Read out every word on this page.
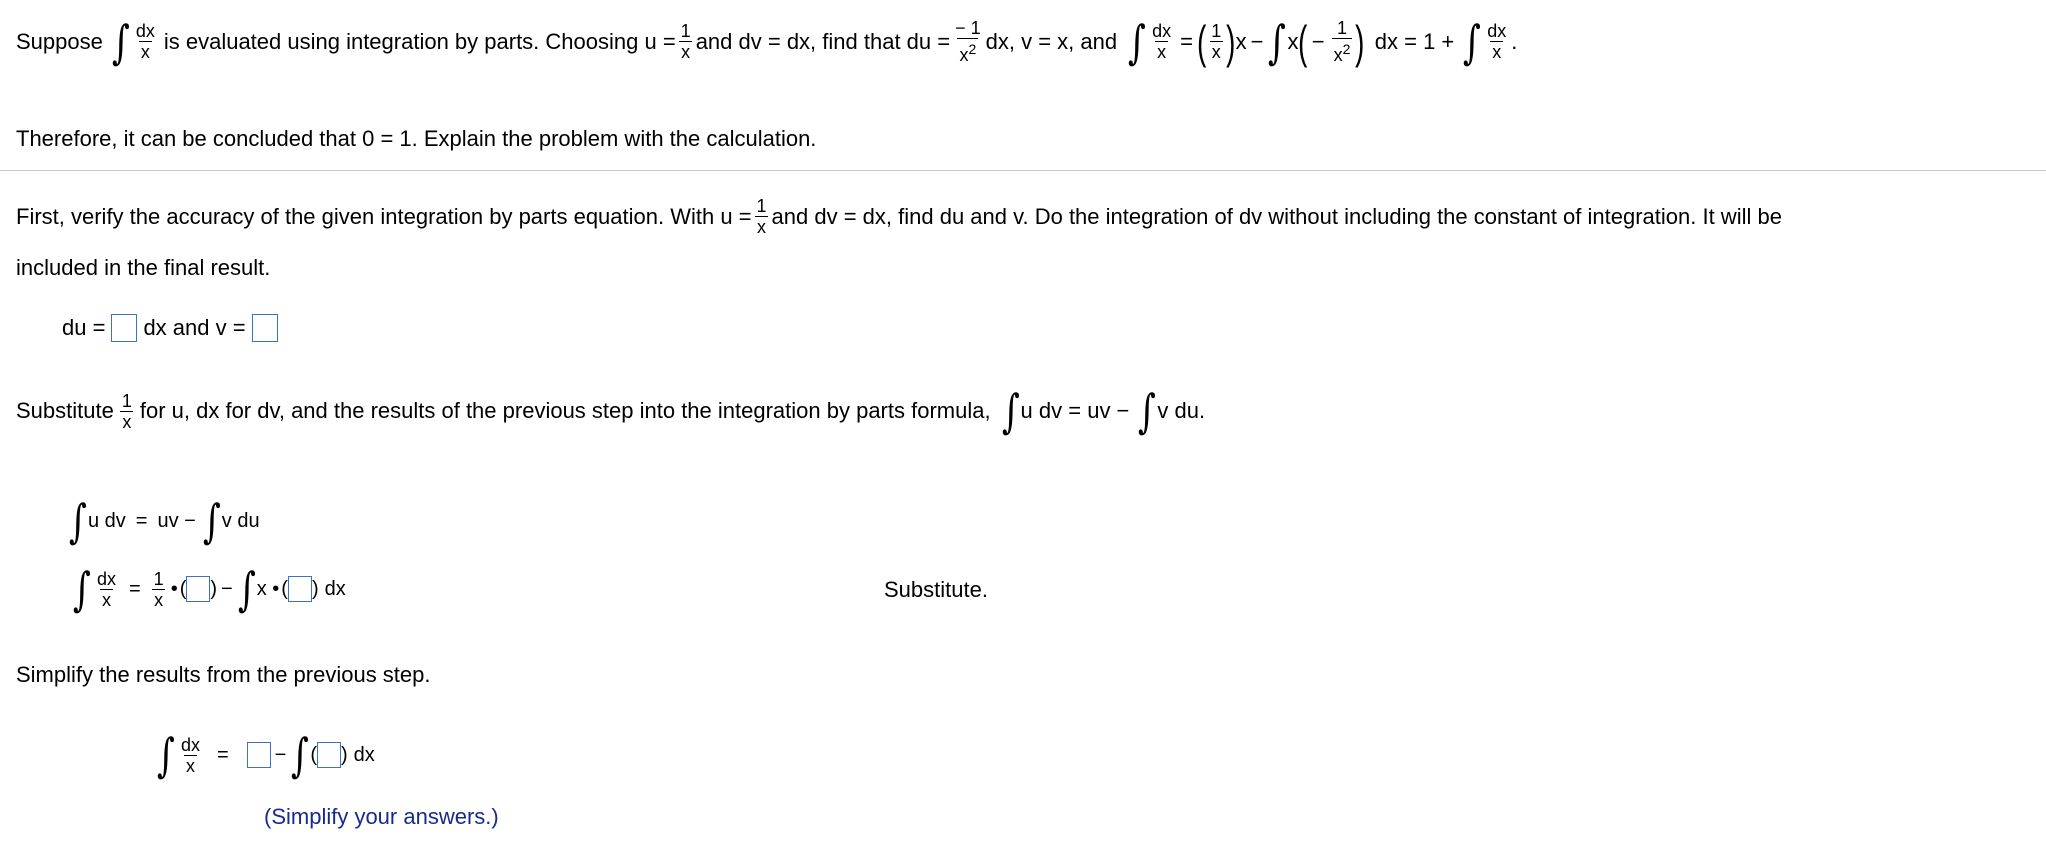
Suppose ∫ $\frac{dx}{x}$ is evaluated using integration by parts. Choosing $u = \frac{1}{x}$ and dv = dx, find that du = $\frac{- 1}{x^2}$ dx, v = x, and ∫ $\frac{dx}{x}$ = ( $\frac{1}{x}$ ) x − ∫ x ( − $\frac{1}{x^2}$ ) dx = 1 + ∫ $\frac{dx}{x}$ .
Therefore, it can be concluded that 0 = 1. Explain the problem with the calculation.
First, verify the accuracy of the given integration by parts equation. With $u = \frac{1}{x}$ and dv = dx, find du and v. Do the integration of dv without including the constant of integration. It will be
included in the final result.
du = dx and v =
Substitute $\frac{1}{x}$ for u, dx for dv, and the results of the previous step into the integration by parts formula, ∫ u dv = uv − ∫ v du.
∫ u dv = uv − ∫ v du
∫ $\frac{dx}{x} = \frac{1}{x}$ • ( ) − ∫ x • ( ) dx	Substitute.
Simplify the results from the previous step.
∫ $\frac{dx}{x}$ = − ∫ ( ) dx
(Simplify your answers.)
